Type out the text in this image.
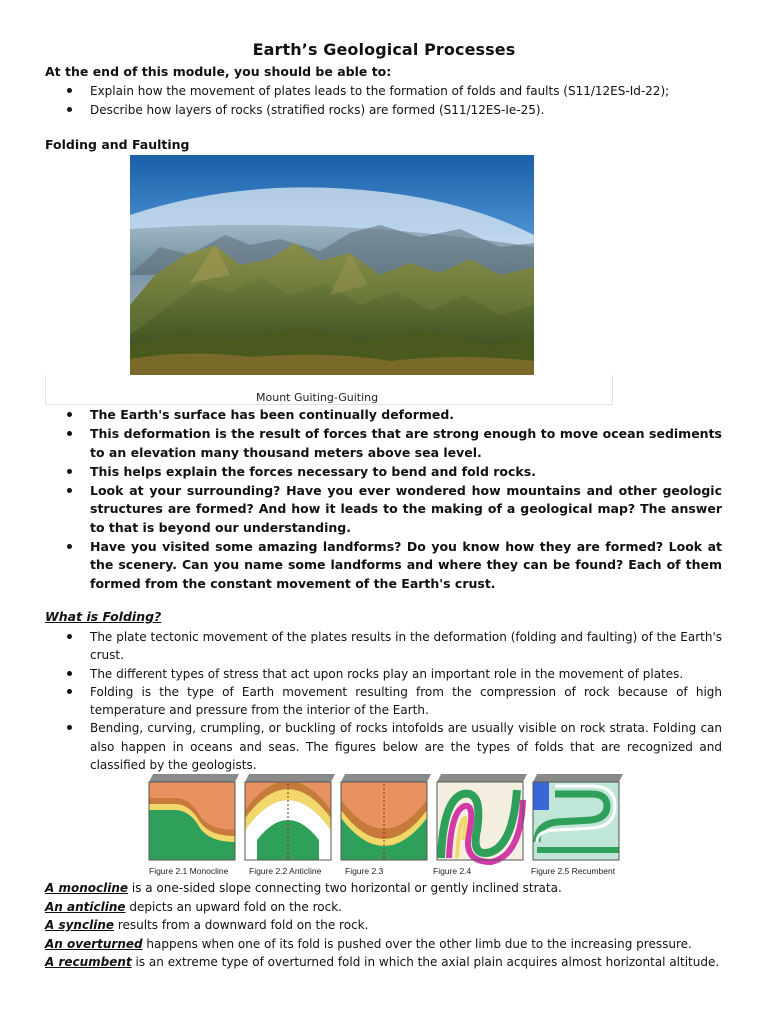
Earth’s Geological Processes
At the end of this module, you should be able to:
Explain how the movement of plates leads to the formation of folds and faults (S11/12ES-Id-22);
Describe how layers of rocks (stratified rocks) are formed (S11/12ES-Ie-25).
Folding and Faulting
Mount Guiting-Guiting
The Earth's surface has been continually deformed.
This deformation is the result of forces that are strong enough to move ocean sediments to an elevation many thousand meters above sea level.
This helps explain the forces necessary to bend and fold rocks.
Look at your surrounding? Have you ever wondered how mountains and other geologic structures are formed? And how it leads to the making of a geological map? The answer to that is beyond our understanding.
Have you visited some amazing landforms? Do you know how they are formed? Look at the scenery. Can you name some landforms and where they can be found? Each of them formed from the constant movement of the Earth's crust.
What is Folding?
The plate tectonic movement of the plates results in the deformation (folding and faulting) of the Earth's crust.
The different types of stress that act upon rocks play an important role in the movement of plates.
Folding is the type of Earth movement resulting from the compression of rock because of high temperature and pressure from the interior of the Earth.
Bending, curving, crumpling, or buckling of rocks intofolds are usually visible on rock strata. Folding can also happen in oceans and seas. The figures below are the types of folds that are recognized and classified by the geologists.
Figure 2.1 Monocline Figure 2.2 Anticline	Figure 2.3	Figure 2.4	Figure 2.5 Recumbent
A monocline is a one-sided slope connecting two horizontal or gently inclined strata.
An anticline depicts an upward fold on the rock.
A syncline results from a downward fold on the rock.
An overturned happens when one of its fold is pushed over the other limb due to the increasing pressure.
A recumbent is an extreme type of overturned fold in which the axial plain acquires almost horizontal altitude.
